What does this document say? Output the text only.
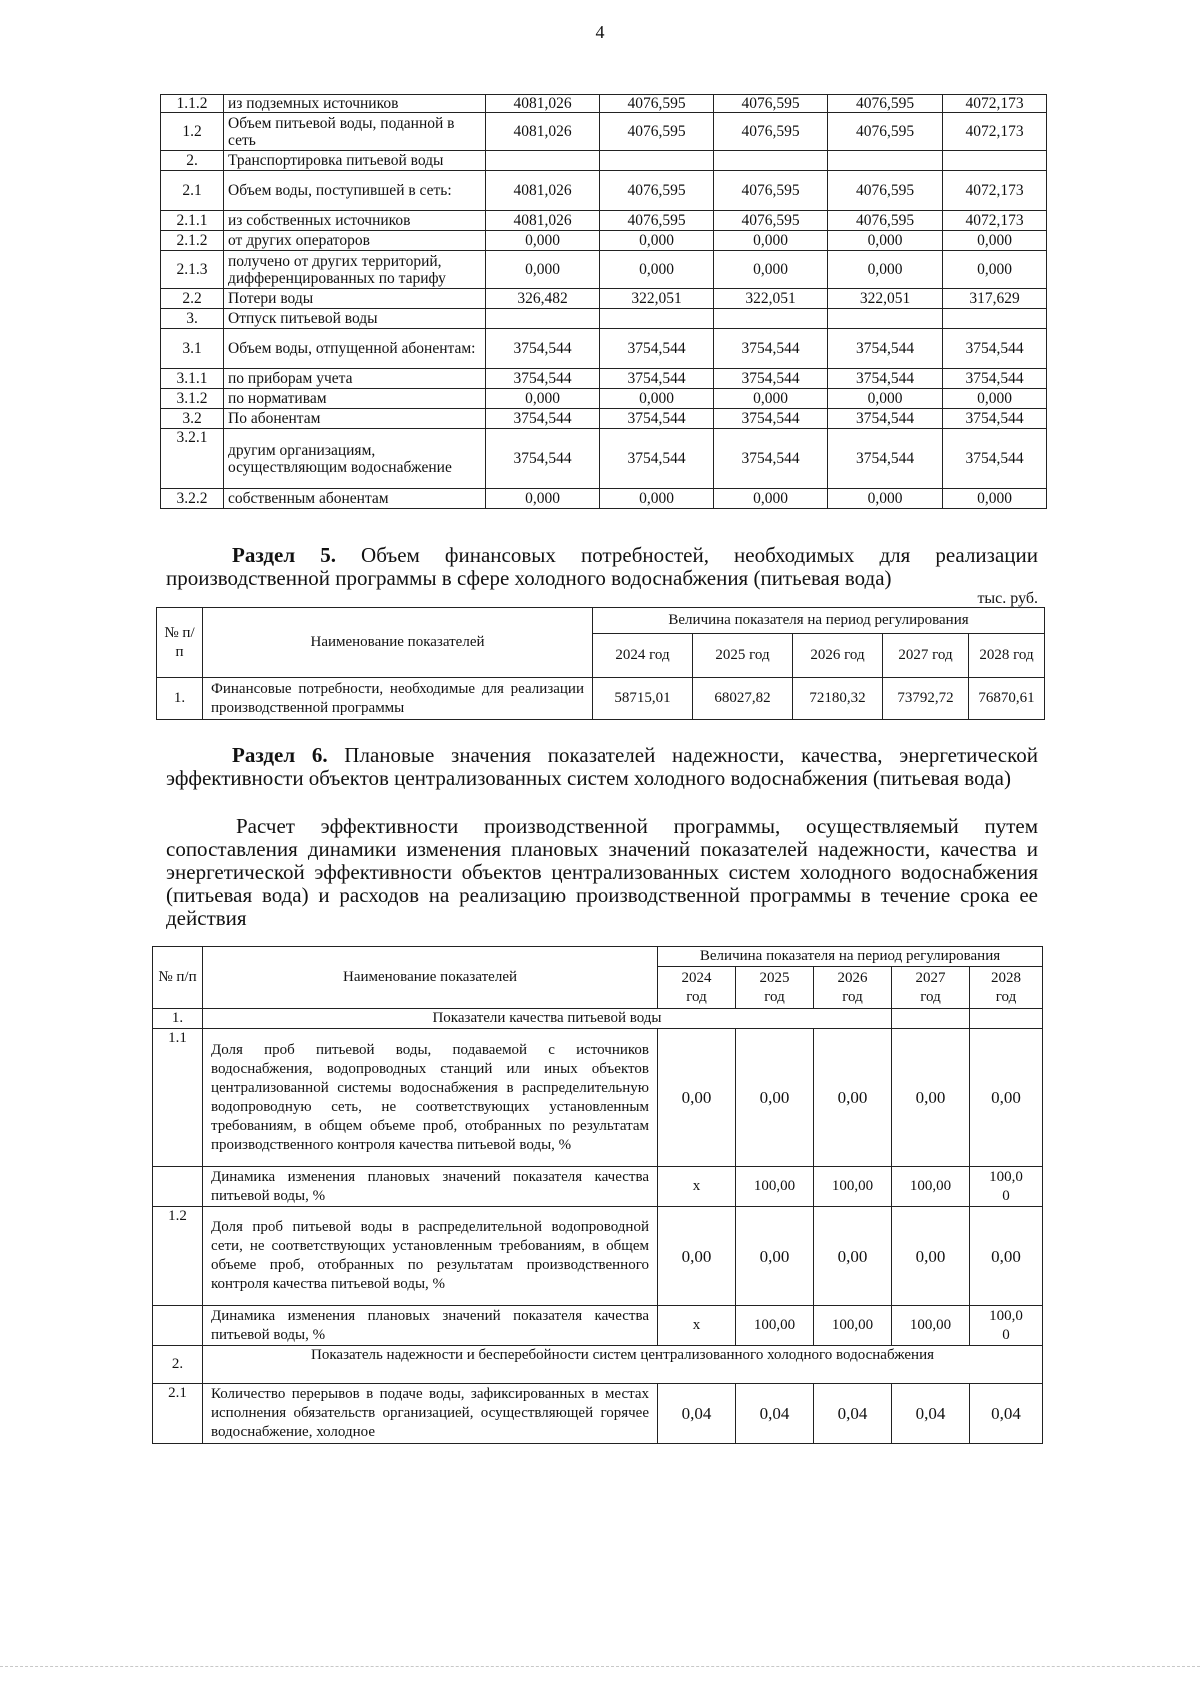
4
1.1.2	из подземных источников	4081,026	4076,595	4076,595	4076,595	4072,173
1.2	Объем питьевой воды, поданной в сеть	4081,026	4076,595	4076,595	4076,595	4072,173
2.	Транспортировка питьевой воды					
2.1	Объем воды, поступившей в сеть:	4081,026	4076,595	4076,595	4076,595	4072,173
2.1.1	из собственных источников	4081,026	4076,595	4076,595	4076,595	4072,173
2.1.2	от других операторов	0,000	0,000	0,000	0,000	0,000
2.1.3	получено от других территорий, дифференцированных по тарифу	0,000	0,000	0,000	0,000	0,000
2.2	Потери воды	326,482	322,051	322,051	322,051	317,629
3.	Отпуск питьевой воды					
3.1	Объем воды, отпущенной абонентам:	3754,544	3754,544	3754,544	3754,544	3754,544
3.1.1	по приборам учета	3754,544	3754,544	3754,544	3754,544	3754,544
3.1.2	по нормативам	0,000	0,000	0,000	0,000	0,000
3.2	По абонентам	3754,544	3754,544	3754,544	3754,544	3754,544
3.2.1	другим организациям, осуществляющим водоснабжение	3754,544	3754,544	3754,544	3754,544	3754,544
3.2.2	собственным абонентам	0,000	0,000	0,000	0,000	0,000
Раздел 5. Объем финансовых потребностей, необходимых для реализации производственной программы в сфере холодного водоснабжения (питьевая вода)
тыс. руб.
№ п/п	Наименование показателей	Величина показателя на период регулирования				
		2024 год	2025 год	2026 год	2027 год	2028 год
1.	Финансовые потребности, необходимые для реализации производственной программы	58715,01	68027,82	72180,32	73792,72	76870,61
Раздел 6. Плановые значения показателей надежности, качества, энергетической эффективности объектов централизованных систем холодного водоснабжения (питьевая вода)
Расчет эффективности производственной программы, осуществляемый путем сопоставления динамики изменения плановых значений показателей надежности, качества и энергетической эффективности объектов централизованных систем холодного водоснабжения (питьевая вода) и расходов на реализацию производственной программы в течение срока ее действия
№ п/п	Наименование показателей	Величина показателя на период регулирования				
		2024 год	2025 год	2026 год	2027 год	2028 год
1.	Показатели качества питьевой воды					
1.1	Доля проб питьевой воды, подаваемой с источников водоснабжения, водопроводных станций или иных объектов централизованной системы водоснабжения в распределительную водопроводную сеть, не соответствующих установленным требованиям, в общем объеме проб, отобранных по результатам производственного контроля качества питьевой воды, %	0,00	0,00	0,00	0,00	0,00
	Динамика изменения плановых значений показателя качества питьевой воды, %	х	100,00	100,00	100,00	100,00
1.2	Доля проб питьевой воды в распределительной водопроводной сети, не соответствующих установленным требованиям, в общем объеме проб, отобранных по результатам производственного контроля качества питьевой воды, %	0,00	0,00	0,00	0,00	0,00
	Динамика изменения плановых значений показателя качества питьевой воды, %	х	100,00	100,00	100,00	100,00
2.	Показатель надежности и бесперебойности систем централизованного холодного водоснабжения					
2.1	Количество перерывов в подаче воды, зафиксированных в местах исполнения обязательств организацией, осуществляющей горячее водоснабжение, холодное	0,04	0,04	0,04	0,04	0,04
